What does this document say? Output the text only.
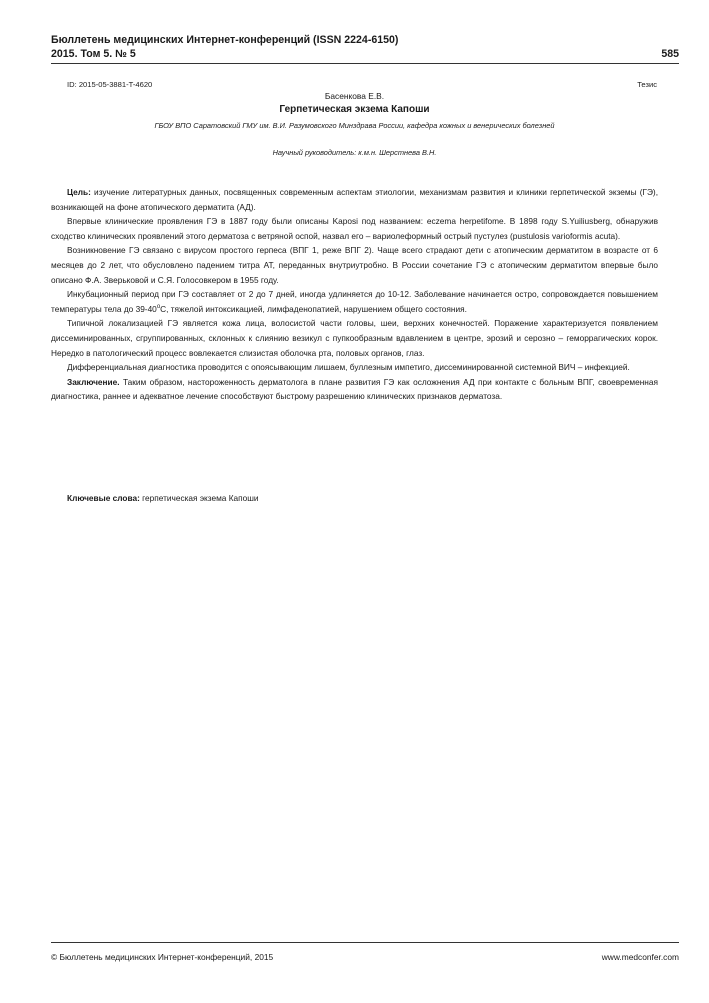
Бюллетень медицинских Интернет-конференций (ISSN 2224-6150)
2015. Том 5. № 5	585
ID: 2015-05-3881-T-4620	Тезис
Басенкова Е.В.
Герпетическая экзема Капоши
ГБОУ ВПО Саратовский ГМУ им. В.И. Разумовского Минздрава России, кафедра кожных и венерических болезней
Научный руководитель: к.м.н. Шерстнева В.Н.

Цель: изучение литературных данных, посвященных современным аспектам этиологии, механизмам развития и клиники герпетической экземы (ГЭ), возникающей на фоне атопического дерматита (АД).

Впервые клинические проявления ГЭ в 1887 году были описаны Kaposi под названием: eczema herpetifome. В 1898 году S.Yuiliusberg, обнаружив сходство клинических проявлений этого дерматоза с ветряной оспой, назвал его – вариолеформный острый пустулез (pustulosis varioformis acuta).

Возникновение ГЭ связано с вирусом простого герпеса (ВПГ 1, реже ВПГ 2). Чаще всего страдают дети с атопическим дерматитом в возрасте от 6 месяцев до 2 лет, что обусловлено падением титра АТ, переданных внутриутробно. В России сочетание ГЭ с атопическим дерматитом впервые было описано Ф.А. Зверьковой и С.Я. Голосовкером в 1955 году.

Инкубационный период при ГЭ составляет от 2 до 7 дней, иногда удлиняется до 10-12. Заболевание начинается остро, сопровождается повышением температуры тела до 39-40$^o$С, тяжелой интоксикацией, лимфаденопатией, нарушением общего состояния.

Типичной локализацией ГЭ является кожа лица, волосистой части головы, шеи, верхних конечностей. Поражение характеризуется появлением диссеминированных, сгруппированных, склонных к слиянию везикул с пупкообразным вдавлением в центре, эрозий и серозно – геморрагических корок. Нередко в патологический процесс вовлекается слизистая оболочка рта, половых органов, глаз.

Дифференциальная диагностика проводится с опоясывающим лишаем, буллезным импетиго, диссеминированной системной ВИЧ – инфекцией.

Заключение. Таким образом, настороженность дерматолога в плане развития ГЭ как осложнения АД при контакте с больным ВПГ, своевременная диагностика, раннее и адекватное лечение способствуют быстрому разрешению клинических признаков дерматоза.

Ключевые слова: герпетическая экзема Капоши
© Бюллетень медицинских Интернет-конференций, 2015	www.medconfer.com
